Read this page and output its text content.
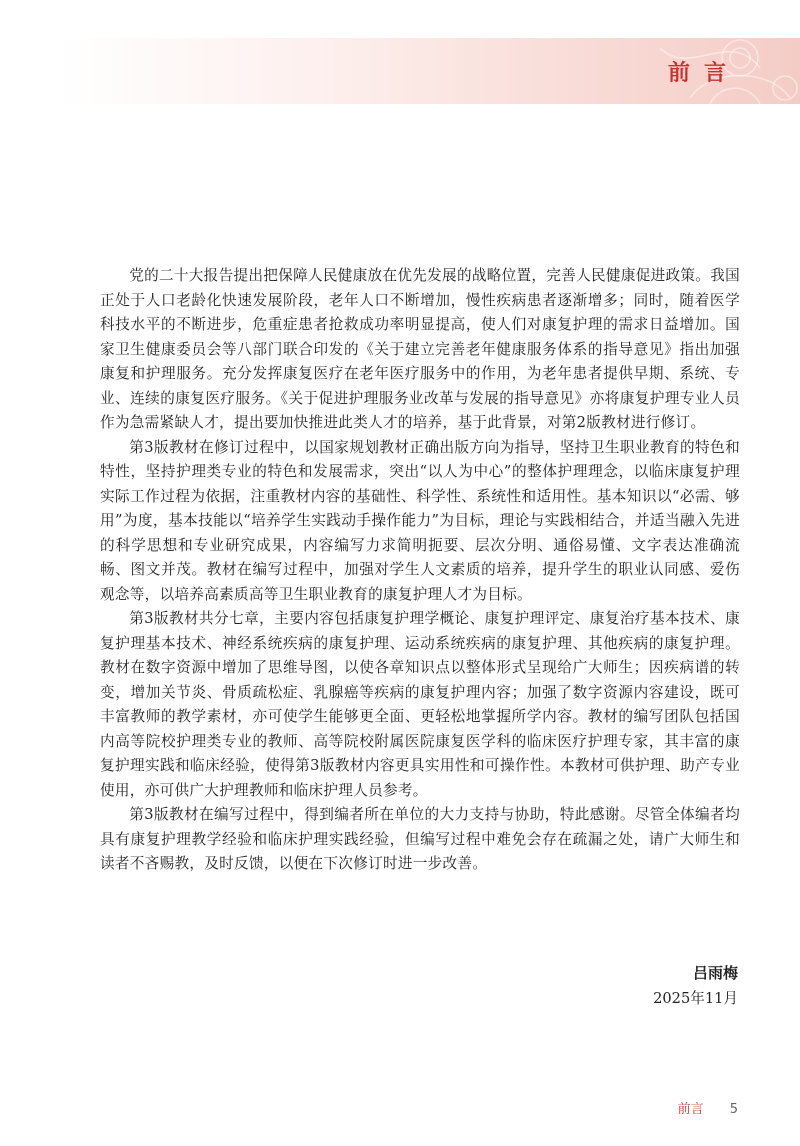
前言

党的二十大报告提出把保障人民健康放在优先发展的战略位置，完善人民健康促进政策。我国正处于人口老龄化快速发展阶段，老年人口不断增加，慢性疾病患者逐渐增多；同时，随着医学科技水平的不断进步，危重症患者抢救成功率明显提高，使人们对康复护理的需求日益增加。国家卫生健康委员会等八部门联合印发的《关于建立完善老年健康服务体系的指导意见》指出加强康复和护理服务。充分发挥康复医疗在老年医疗服务中的作用，为老年患者提供早期、系统、专业、连续的康复医疗服务。《关于促进护理服务业改革与发展的指导意见》亦将康复护理专业人员作为急需紧缺人才，提出要加快推进此类人才的培养，基于此背景，对第2版教材进行修订。

第3版教材在修订过程中，以国家规划教材正确出版方向为指导，坚持卫生职业教育的特色和特性，坚持护理类专业的特色和发展需求，突出“以人为中心”的整体护理理念，以临床康复护理实际工作过程为依据，注重教材内容的基础性、科学性、系统性和适用性。基本知识以“必需、够用”为度，基本技能以“培养学生实践动手操作能力”为目标，理论与实践相结合，并适当融入先进的科学思想和专业研究成果，内容编写力求简明扼要、层次分明、通俗易懂、文字表达准确流畅、图文并茂。教材在编写过程中，加强对学生人文素质的培养，提升学生的职业认同感、爱伤观念等，以培养高素质高等卫生职业教育的康复护理人才为目标。

第3版教材共分七章，主要内容包括康复护理学概论、康复护理评定、康复治疗基本技术、康复护理基本技术、神经系统疾病的康复护理、运动系统疾病的康复护理、其他疾病的康复护理。教材在数字资源中增加了思维导图，以使各章知识点以整体形式呈现给广大师生；因疾病谱的转变，增加关节炎、骨质疏松症、乳腺癌等疾病的康复护理内容；加强了数字资源内容建设，既可丰富教师的教学素材，亦可使学生能够更全面、更轻松地掌握所学内容。教材的编写团队包括国内高等院校护理类专业的教师、高等院校附属医院康复医学科的临床医疗护理专家，其丰富的康复护理实践和临床经验，使得第3版教材内容更具实用性和可操作性。本教材可供护理、助产专业使用，亦可供广大护理教师和临床护理人员参考。

第3版教材在编写过程中，得到编者所在单位的大力支持与协助，特此感谢。尽管全体编者均具有康复护理教学经验和临床护理实践经验，但编写过程中难免会存在疏漏之处，请广大师生和读者不吝赐教，及时反馈，以便在下次修订时进一步改善。

吕雨梅
2025年11月
前言 5
